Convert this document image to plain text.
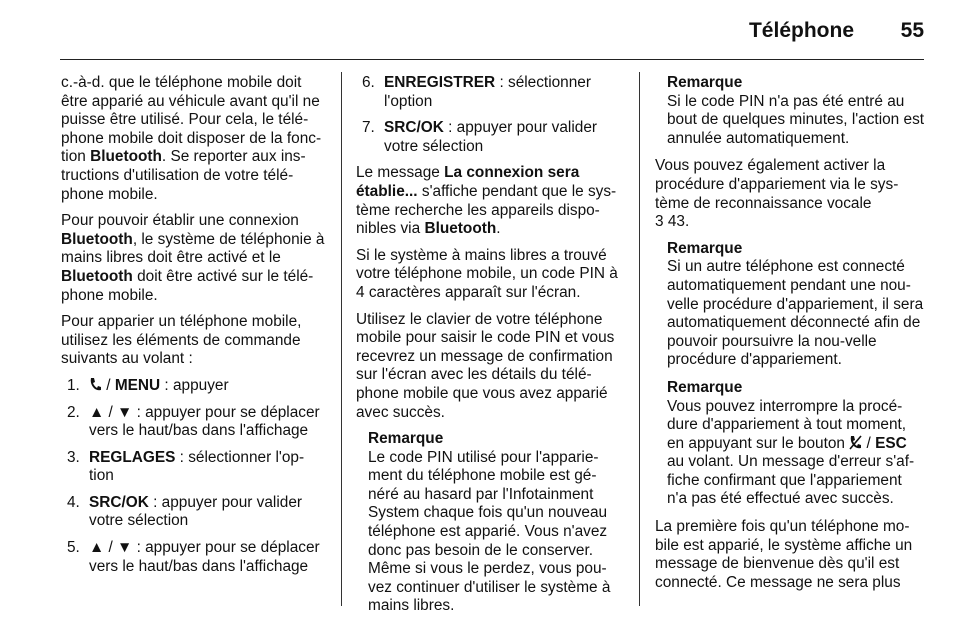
Téléphone	55

c.-à-d. que le téléphone mobile doit être apparié au véhicule avant qu'il ne puisse être utilisé. Pour cela, le télé-phone mobile doit disposer de la fonc-tion Bluetooth. Se reporter aux ins-tructions d'utilisation de votre télé-phone mobile.

Pour pouvoir établir une connexion Bluetooth, le système de téléphonie à mains libres doit être activé et le Bluetooth doit être activé sur le télé-phone mobile.

Pour apparier un téléphone mobile, utilisez les éléments de commande suivants au volant :

1.	/ MENU : appuyer
2. ▲ / ▼ : appuyer pour se déplacer vers le haut/bas dans l'affichage
3. REGLAGES : sélectionner l'op-tion
4. SRC/OK : appuyer pour valider votre sélection
5. ▲ / ▼ : appuyer pour se déplacer vers le haut/bas dans l'affichage
6. ENREGISTRER : sélectionner l'option
7. SRC/OK : appuyer pour valider votre sélection

Le message La connexion sera établie... s'affiche pendant que le sys-tème recherche les appareils dispo-nibles via Bluetooth.

Si le système à mains libres a trouvé votre téléphone mobile, un code PIN à 4 caractères apparaît sur l'écran.

Utilisez le clavier de votre téléphone mobile pour saisir le code PIN et vous recevrez un message de confirmation sur l'écran avec les détails du télé-phone mobile que vous avez apparié avec succès.

Remarque
Le code PIN utilisé pour l'apparie-ment du téléphone mobile est gé-néré au hasard par l'Infotainment System chaque fois qu'un nouveau téléphone est apparié. Vous n'avez donc pas besoin de le conserver. Même si vous le perdez, vous pou-vez continuer d'utiliser le système à mains libres.
Remarque
Si le code PIN n'a pas été entré au bout de quelques minutes, l'action est annulée automatiquement.

Vous pouvez également activer la procédure d'appariement via le sys-tème de reconnaissance vocale
3 43.

Remarque
Si un autre téléphone est connecté automatiquement pendant une nou-velle procédure d'appariement, il sera automatiquement déconnecté afin de pouvoir poursuivre la nou-velle procédure d'appariement.
Remarque
Vous pouvez interrompre la procé-dure d'appariement à tout moment, en appuyant sur le bouton  / ESC au volant. Un message d'erreur s'af-fiche confirmant que l'appariement n'a pas été effectué avec succès.

La première fois qu'un téléphone mo-bile est apparié, le système affiche un message de bienvenue dès qu'il est connecté. Ce message ne sera plus
